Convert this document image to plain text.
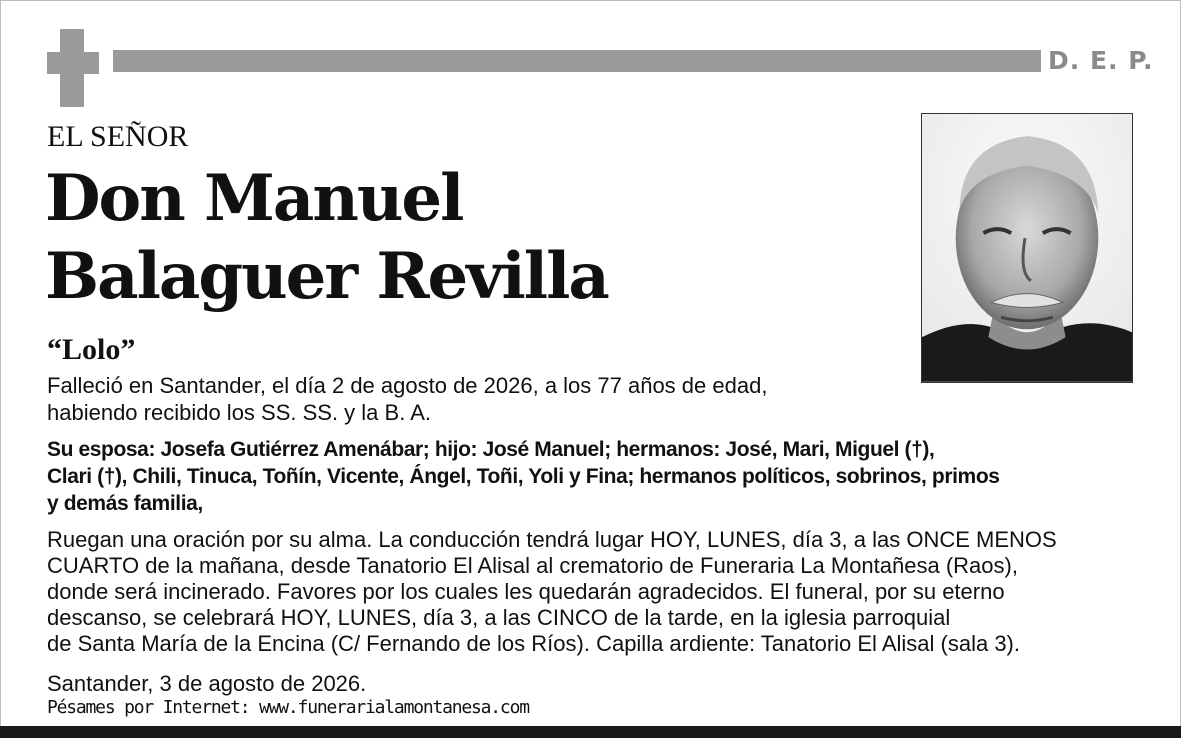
D. E. P.
EL SEÑOR
Don Manuel
Balaguer Revilla
“Lolo”
Falleció en Santander, el día 2 de agosto de 2026, a los 77 años de edad,
habiendo recibido los SS. SS. y la B. A.
Su esposa: Josefa Gutiérrez Amenábar; hijo: José Manuel; hermanos: José, Mari, Miguel (†),
Clari (†), Chili, Tinuca, Toñín, Vicente, Ángel, Toñi, Yoli y Fina; hermanos políticos, sobrinos, primos
y demás familia,
Ruegan una oración por su alma. La conducción tendrá lugar HOY, LUNES, día 3, a las ONCE MENOS
CUARTO de la mañana, desde Tanatorio El Alisal al crematorio de Funeraria La Montañesa (Raos),
donde será incinerado. Favores por los cuales les quedarán agradecidos. El funeral, por su eterno
descanso, se celebrará HOY, LUNES, día 3, a las CINCO de la tarde, en la iglesia parroquial
de Santa María de la Encina (C/ Fernando de los Ríos). Capilla ardiente: Tanatorio El Alisal (sala 3).
Santander, 3 de agosto de 2026.
Pésames por Internet: www.funerarialamontanesa.com
